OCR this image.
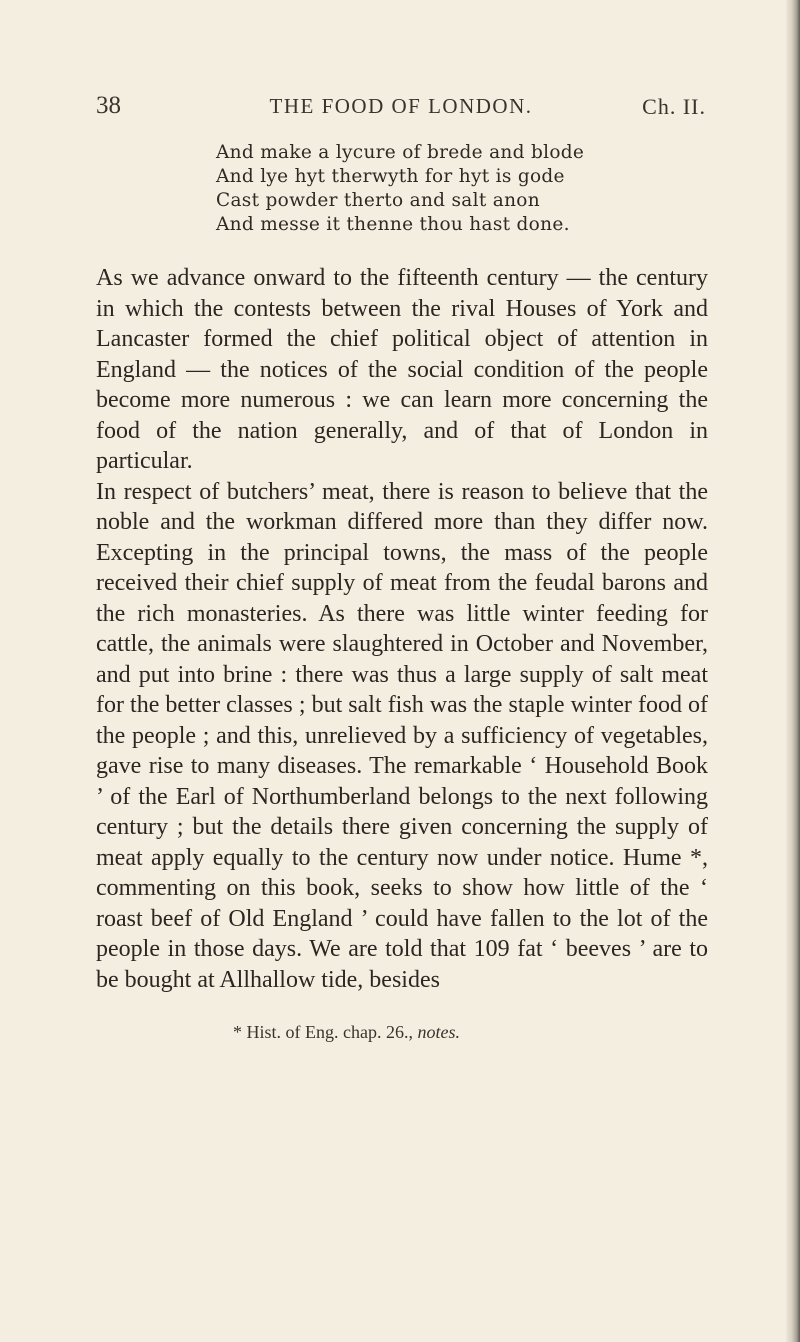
38	THE FOOD OF LONDON.	Ch. II.
And make a lycure of brede and blode
And lye hyt therwyth for hyt is gode
Cast powder therto and salt anon
And messe it thenne thou hast done.

As we advance onward to the fifteenth century — the century in which the contests between the rival Houses of York and Lancaster formed the chief political object of attention in England — the notices of the social condition of the people become more numerous : we can learn more concerning the food of the nation generally, and of that of London in particular.

In respect of butchers’ meat, there is reason to believe that the noble and the workman differed more than they differ now. Excepting in the principal towns, the mass of the people received their chief supply of meat from the feudal barons and the rich monasteries. As there was little winter feeding for cattle, the animals were slaughtered in October and November, and put into brine : there was thus a large supply of salt meat for the better classes ; but salt fish was the staple winter food of the people ; and this, unrelieved by a sufficiency of vegetables, gave rise to many diseases. The remarkable ‘ Household Book ’ of the Earl of Northumberland belongs to the next following century ; but the details there given concerning the supply of meat apply equally to the century now under notice. Hume *, commenting on this book, seeks to show how little of the ‘ roast beef of Old England ’ could have fallen to the lot of the people in those days. We are told that 109 fat ‘ beeves ’ are to be bought at Allhallow tide, besides

* Hist. of Eng. chap. 26., notes.
